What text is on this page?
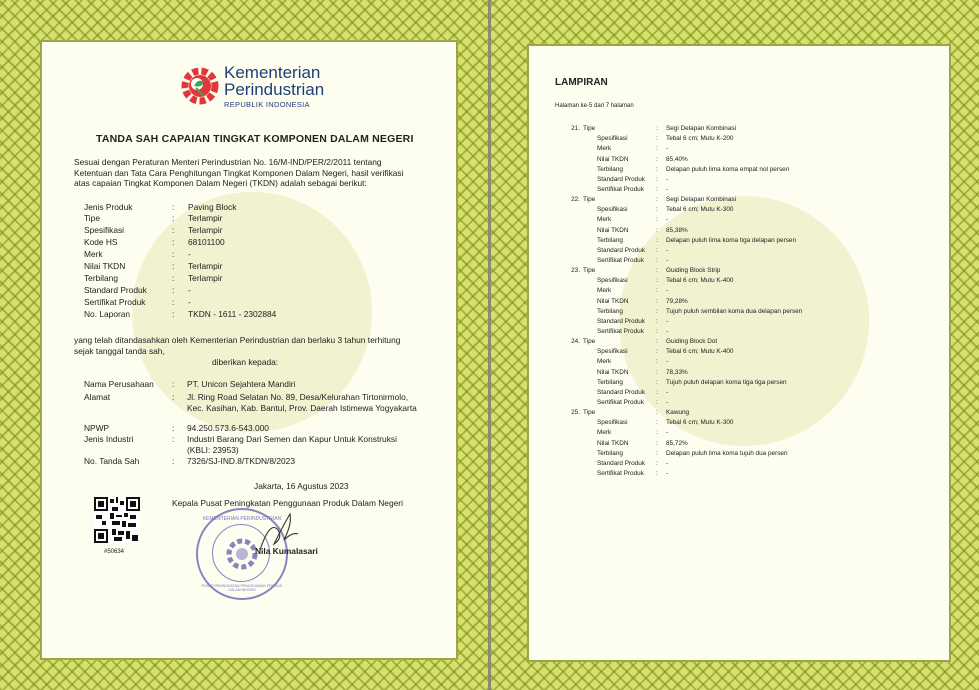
Kementerian
Perindustrian
REPUBLIK INDONESIA
TANDA SAH CAPAIAN TINGKAT KOMPONEN DALAM NEGERI
Sesuai dengan Peraturan Menteri Perindustrian No. 16/M-IND/PER/2/2011 tentang Ketentuan dan Tata Cara Penghitungan Tingkat Komponen Dalam Negeri, hasil verifikasi atas capaian Tingkat Komponen Dalam Negeri (TKDN) adalah sebagai berikut:
Jenis Produk	: Paving Block
Tipe	: Terlampir
Spesifikasi	: Terlampir
Kode HS	: 68101100
Merk	: -
Nilai TKDN	: Terlampir
Terbilang	: Terlampir
Standard Produk	: -
Sertifikat Produk	: -
No. Laporan	: TKDN - 1611 - 2302884
yang telah ditandasahkan oleh Kementerian Perindustrian dan berlaku 3 tahun terhitung sejak tanggal tanda sah,
diberikan kepada:
Nama Perusahaan	: PT. Unicon Sejahtera Mandiri
Alamat	: Jl. Ring Road Selatan No. 89, Desa/Kelurahan Tirtonirmolo, Kec. Kasihan, Kab. Bantul, Prov. Daerah Istimewa Yogyakarta
NPWP	: 94.250.573.6-543.000
Jenis Industri	: Industri Barang Dari Semen dan Kapur Untuk Konstruksi (KBLI: 23953)
No. Tanda Sah	: 7326/SJ-IND.8/TKDN/8/2023
Jakarta, 16 Agustus 2023
Kepala Pusat Peningkatan Penggunaan Produk Dalam Negeri
#50634
KEMENTERIAN PERINDUSTRIAN
PUSAT PENINGKATAN PENGGUNAAN PRODUK DALAM NEGERI
Nila Kumalasari
LAMPIRAN
Halaman ke-5 dari 7 halaman
21. Tipe	: Segi Delapan Kombinasi
Spesifikasi	: Tebal 6 cm; Mutu K-200
Merk	: -
Nilai TKDN	: 85,40%
Terbilang	: Delapan puluh lima koma empat nol persen
Standard Produk : -
Sertifikat Produk : -
22. Tipe	: Segi Delapan Kombinasi
Spesifikasi	: Tebal 6 cm; Mutu K-300
Merk	: -
Nilai TKDN	: 85,38%
Terbilang	: Delapan puluh lima koma tiga delapan persen
Standard Produk : -
Sertifikat Produk : -
23. Tipe	: Guiding Block Strip
Spesifikasi	: Tebal 6 cm; Mutu K-400
Merk	: -
Nilai TKDN	: 79,28%
Terbilang	: Tujuh puluh sembilan koma dua delapan persen
Standard Produk : -
Sertifikat Produk : -
24. Tipe	: Guiding Block Dot
Spesifikasi	: Tebal 6 cm; Mutu K-400
Merk	: -
Nilai TKDN	: 78,33%
Terbilang	: Tujuh puluh delapan koma tiga tiga persen
Standard Produk : -
Sertifikat Produk : -
25. Tipe	: Kawung
Spesifikasi	: Tebal 6 cm; Mutu K-300
Merk	: -
Nilai TKDN	: 85,72%
Terbilang	: Delapan puluh lima koma tujuh dua persen
Standard Produk : -
Sertifikat Produk : -
